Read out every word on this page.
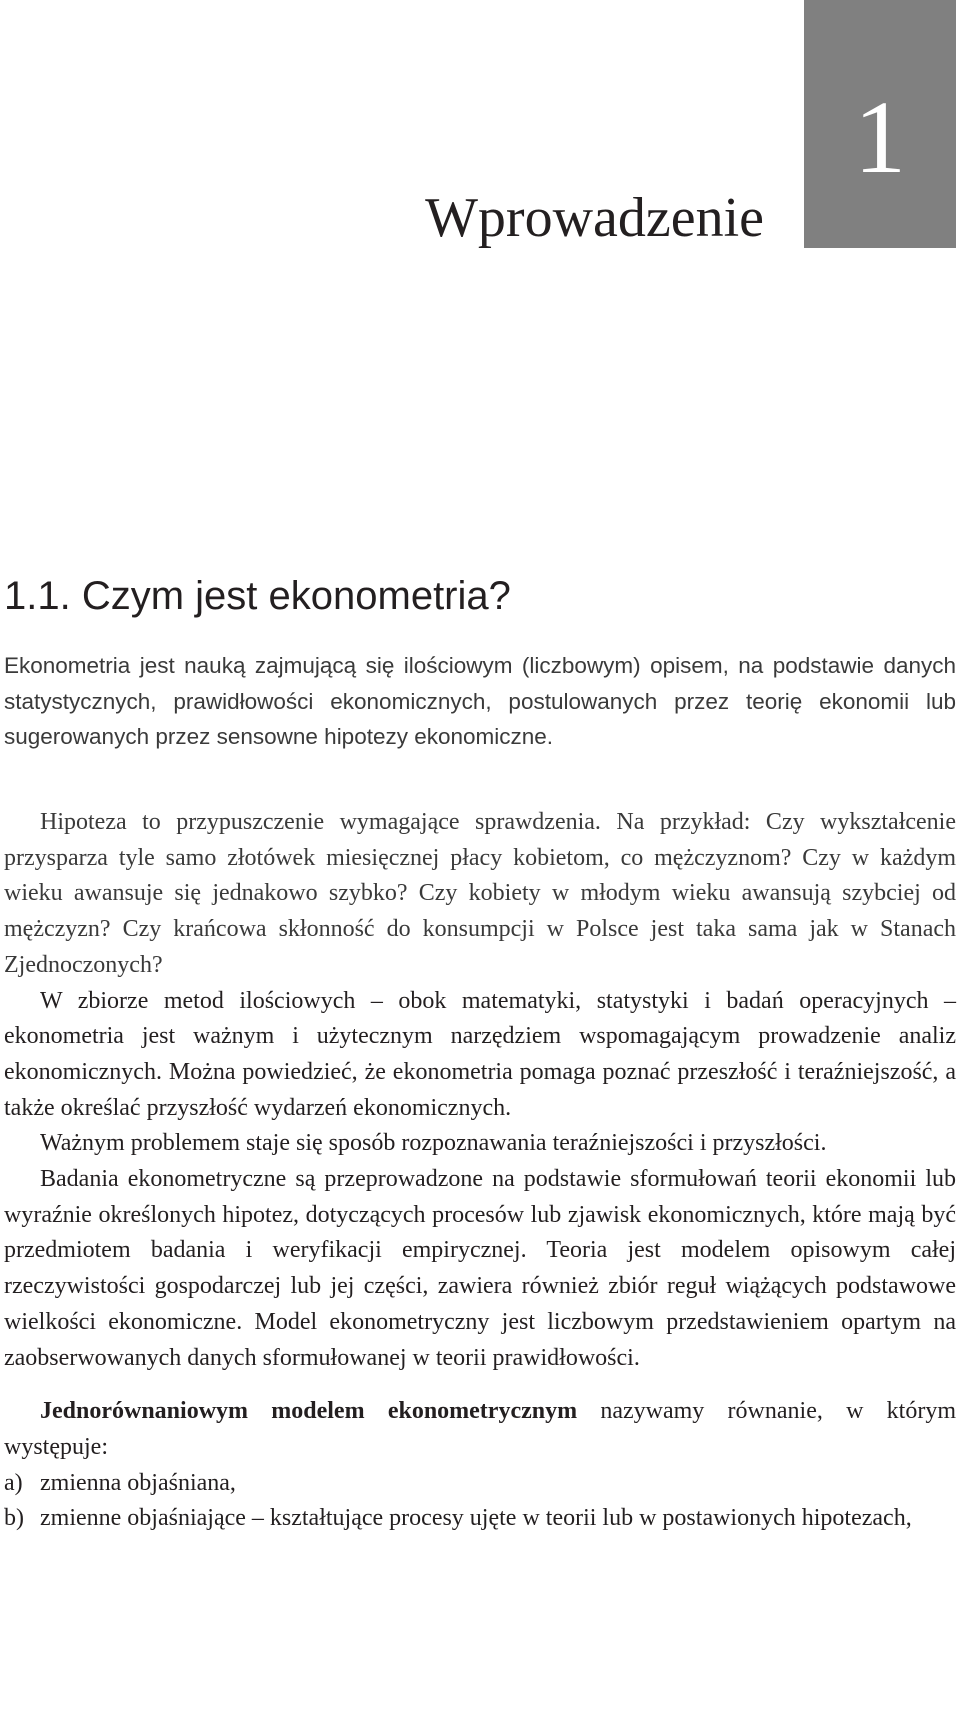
1
Wprowadzenie
1.1. Czym jest ekonometria?

Ekonometria jest nauką zajmującą się ilościowym (liczbowym) opisem, na podstawie danych statystycznych, prawidłowości ekonomicznych, postulowanych przez teorię ekonomii lub sugerowanych przez sensowne hipotezy ekonomiczne.

Hipoteza to przypuszczenie wymagające sprawdzenia. Na przykład: Czy wykształcenie przysparza tyle samo złotówek miesięcznej płacy kobietom, co mężczyznom? Czy w każdym wieku awansuje się jednakowo szybko? Czy kobiety w młodym wieku awansują szybciej od mężczyzn? Czy krańcowa skłonność do konsumpcji w Polsce jest taka sama jak w Stanach Zjednoczonych?

W zbiorze metod ilościowych – obok matematyki, statystyki i badań operacyjnych – ekonometria jest ważnym i użytecznym narzędziem wspomagającym prowadzenie analiz ekonomicznych. Można powiedzieć, że ekonometria pomaga poznać przeszłość i teraźniejszość, a także określać przyszłość wydarzeń ekonomicznych.

Ważnym problemem staje się sposób rozpoznawania teraźniejszości i przyszłości.

Badania ekonometryczne są przeprowadzone na podstawie sformułowań teorii ekonomii lub wyraźnie określonych hipotez, dotyczących procesów lub zjawisk ekonomicznych, które mają być przedmiotem badania i weryfikacji empirycznej. Teoria jest modelem opisowym całej rzeczywistości gospodarczej lub jej części, zawiera również zbiór reguł wiążących podstawowe wielkości ekonomiczne. Model ekonometryczny jest liczbowym przedstawieniem opartym na zaobserwowanych danych sformułowanej w teorii prawidłowości.

Jednorównaniowym modelem ekonometrycznym nazywamy równanie, w którym występuje:

a) zmienna objaśniana,
b) zmienne objaśniające – kształtujące procesy ujęte w teorii lub w postawionych hipotezach,
